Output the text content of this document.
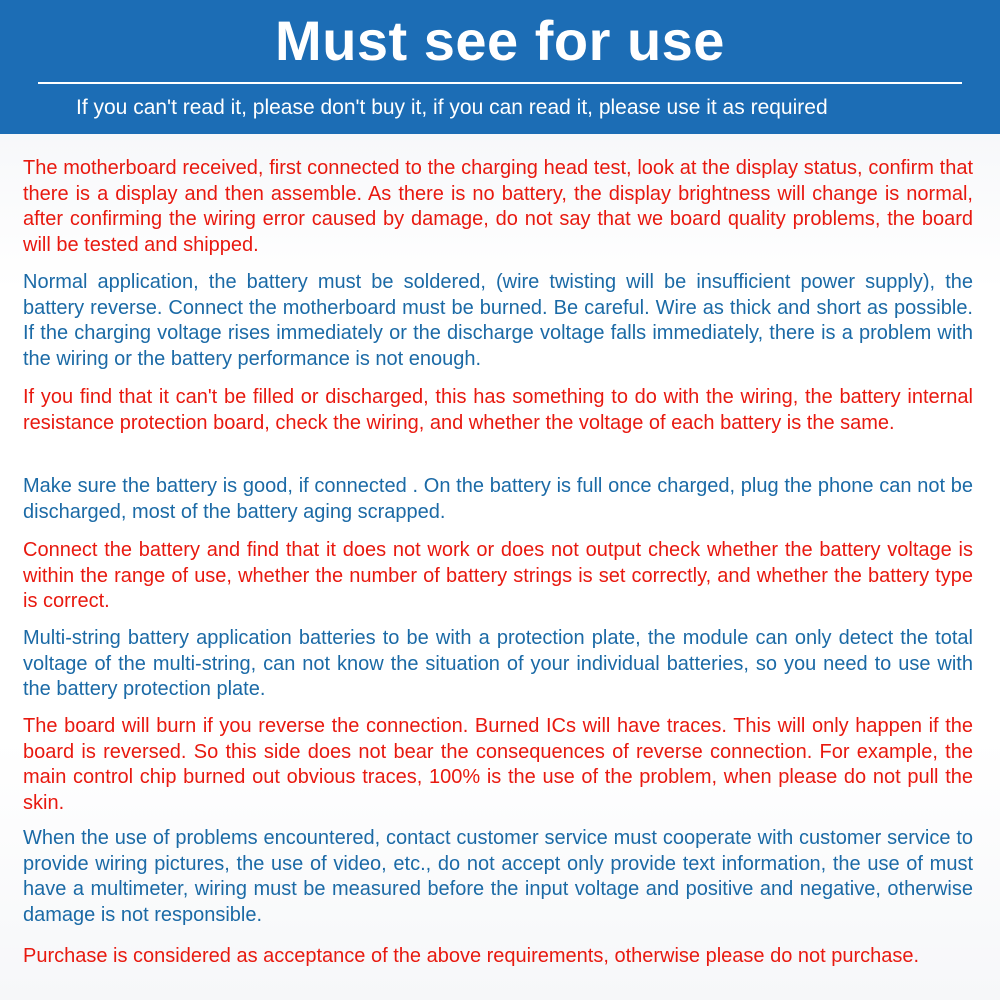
Must see for use
If you can't read it, please don't buy it, if you can read it, please use it as required

The motherboard received, first connected to the charging head test, look at the display status, confirm that there is a display and then assemble. As there is no battery, the display brightness will change is normal, after confirming the wiring error caused by damage, do not say that we board quality problems, the board will be tested and shipped.

Normal application, the battery must be soldered, (wire twisting will be insufficient power supply), the battery reverse. Connect the motherboard must be burned. Be careful. Wire as thick and short as possible. If the charging voltage rises immediately or the discharge voltage falls immediately, there is a problem with the wiring or the battery performance is not enough.

If you find that it can't be filled or discharged, this has something to do with the wiring, the battery internal resistance protection board, check the wiring, and whether the voltage of each battery is the same.

Make sure the battery is good, if connected . On the battery is full once charged, plug the phone can not be discharged, most of the battery aging scrapped.

Connect the battery and find that it does not work or does not output check whether the battery voltage is within the range of use, whether the number of battery strings is set correctly, and whether the battery type is correct.

Multi-string battery application batteries to be with a protection plate, the module can only detect the total voltage of the multi-string, can not know the situation of your individual batteries, so you need to use with the battery protection plate.

The board will burn if you reverse the connection. Burned ICs will have traces. This will only happen if the board is reversed. So this side does not bear the consequences of reverse connection. For example, the main control chip burned out obvious traces, 100% is the use of the problem, when please do not pull the skin.

When the use of problems encountered, contact customer service must cooperate with customer service to provide wiring pictures, the use of video, etc., do not accept only provide text information, the use of must have a multimeter, wiring must be measured before the input voltage and positive and negative, otherwise damage is not responsible.

Purchase is considered as acceptance of the above requirements, otherwise please do not purchase.
